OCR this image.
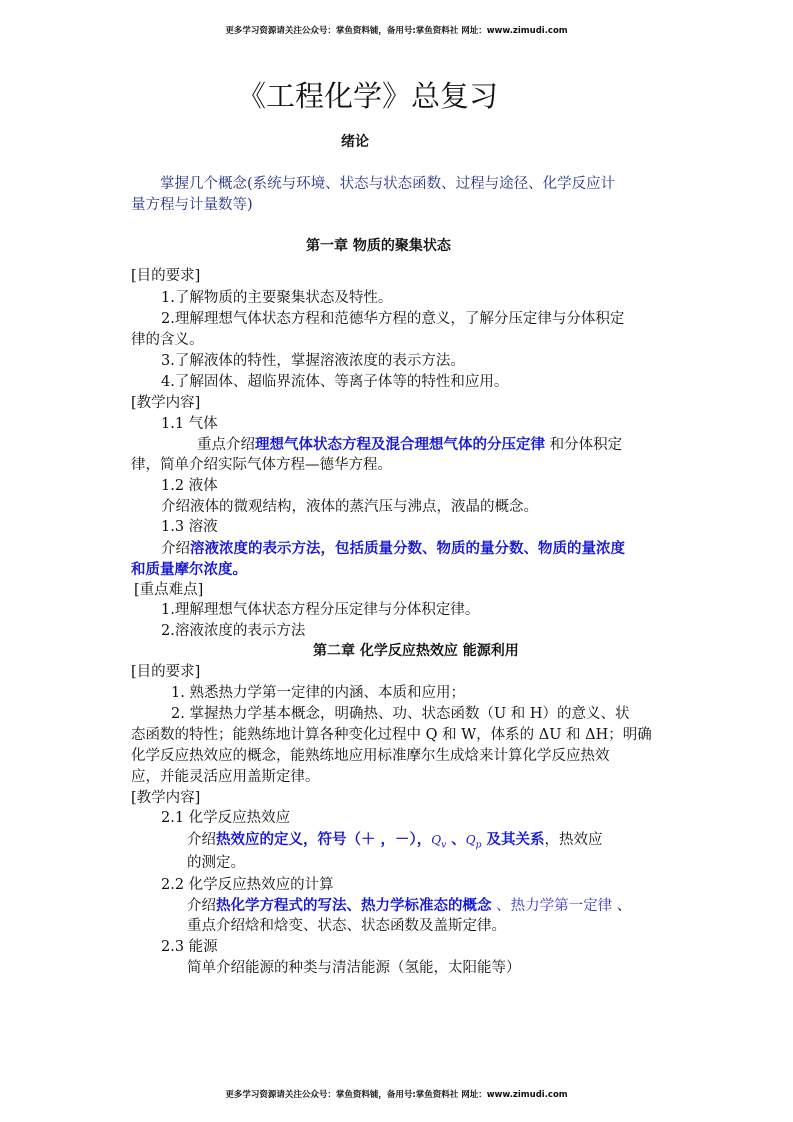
更多学习资源请关注公众号：掌鱼资料铺，备用号:掌鱼资料社 网址：www.zimudi.com
《工程化学》总复习
绪论
掌握几个概念(系统与环境、状态与状态函数、过程与途径、化学反应计
量方程与计量数等)
第一章 物质的聚集状态
[目的要求]
1.了解物质的主要聚集状态及特性。
2.理解理想气体状态方程和范德华方程的意义，了解分压定律与分体积定
律的含义。
3.了解液体的特性，掌握溶液浓度的表示方法。
4.了解固体、超临界流体、等离子体等的特性和应用。
[教学内容]
1.1 气体
重点介绍理想气体状态方程及混合理想气体的分压定律 和分体积定
律，简单介绍实际气体方程—德华方程。
1.2 液体
介绍液体的微观结构，液体的蒸汽压与沸点，液晶的概念。
1.3 溶液
介绍溶液浓度的表示方法，包括质量分数、物质的量分数、物质的量浓度
和质量摩尔浓度。
[重点难点]
1.理解理想气体状态方程分压定律与分体积定律。
2.溶液浓度的表示方法
第二章 化学反应热效应 能源利用
[目的要求]
1. 熟悉热力学第一定律的内涵、本质和应用；
2. 掌握热力学基本概念，明确热、功、状态函数（U 和 H）的意义、状
态函数的特性；能熟练地计算各种变化过程中 Q 和 W，体系的 ΔU 和 ΔH；明确
化学反应热效应的概念，能熟练地应用标准摩尔生成焓来计算化学反应热效
应，并能灵活应用盖斯定律。
[教学内容]
2.1 化学反应热效应
介绍热效应的定义，符号（＋ ，－），$Q_v$ 、$Q_p$ 及其关系，热效应
的测定。
2.2 化学反应热效应的计算
介绍热化学方程式的写法、热力学标准态的概念 、热力学第一定律 、
重点介绍焓和焓变、状态、状态函数及盖斯定律。
2.3 能源
简单介绍能源的种类与清洁能源（氢能，太阳能等）
更多学习资源请关注公众号：掌鱼资料铺，备用号:掌鱼资料社 网址：www.zimudi.com
